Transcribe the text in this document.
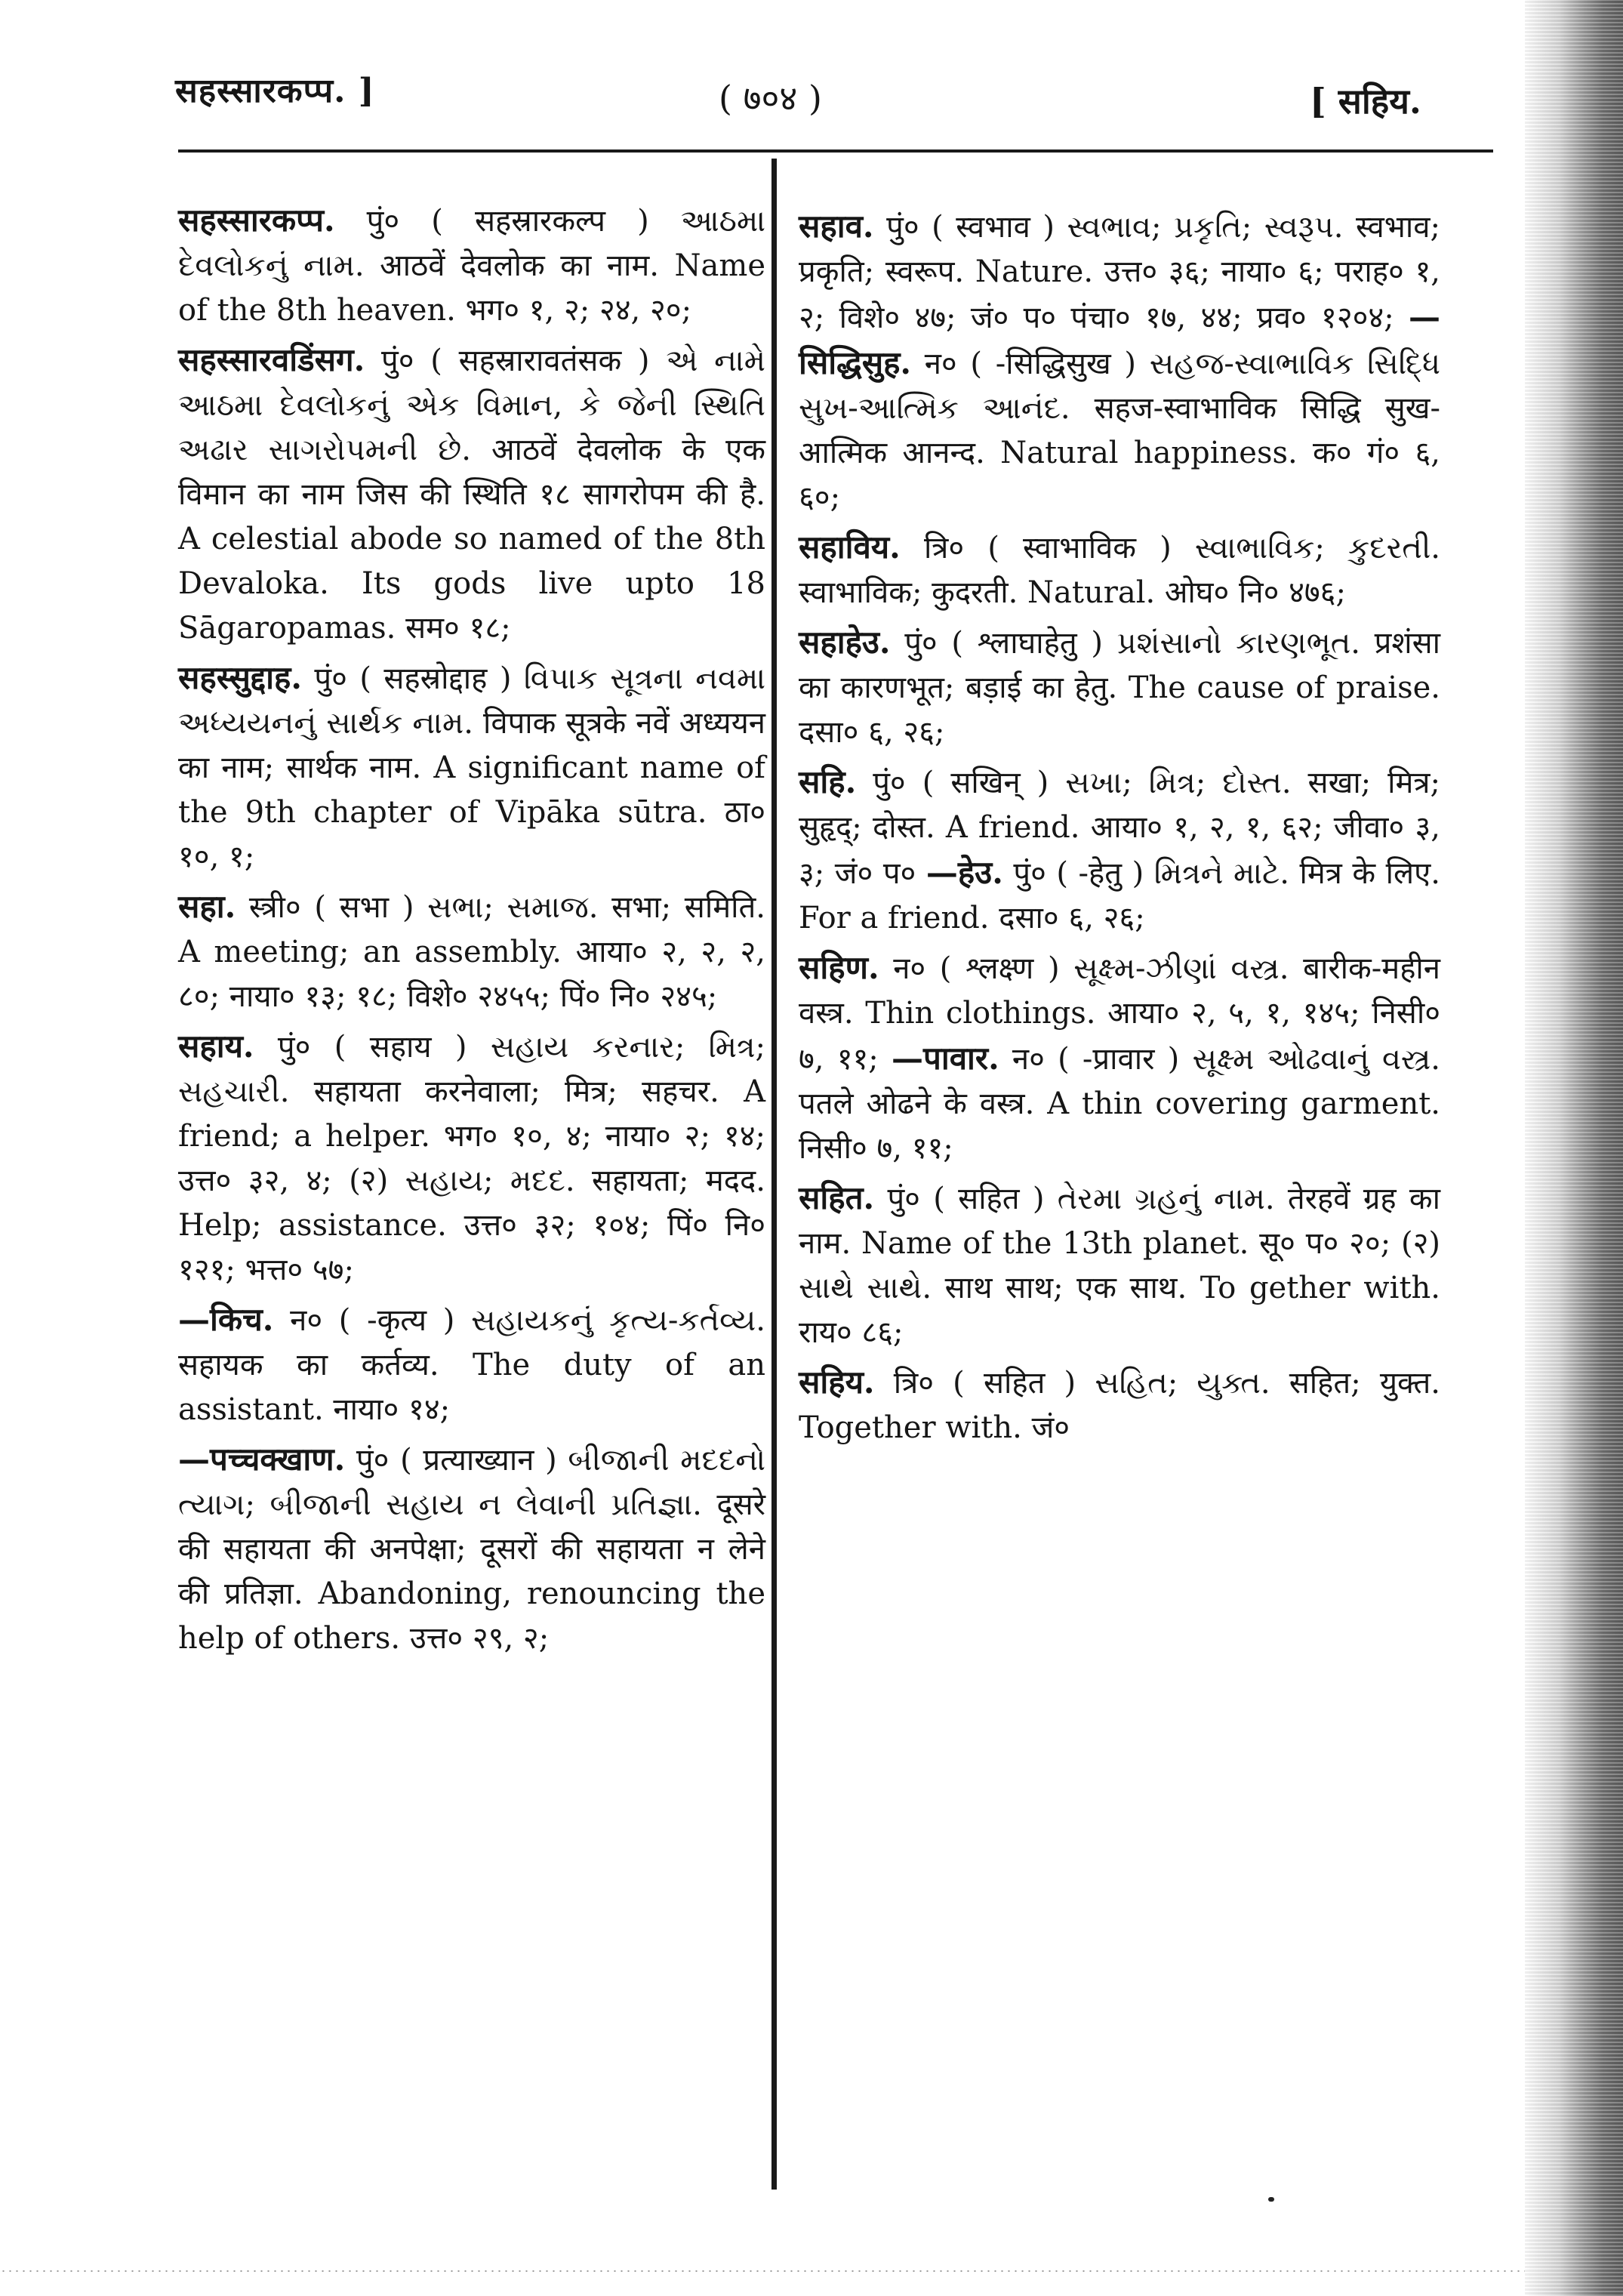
सहस्सारकप्प. ]	( ७०४ )	[ सहिय.

सहस्सारकप्प. पुं० ( सहस्रारकल्प ) આઠમા દેવલોકનું નામ. आठवें देवलोक का नाम. Name of the 8th heaven. भग० १, २; २४, २०;

सहस्सारवडिंसग. पुं० ( सहस्रारावतंसक ) એ નામે આઠમા દેવલોકનું એક વિમાન, કે જેની સ્થિતિ અઢાર સાગરોપમની છે. आठवें देवलोक के एक विमान का नाम जिस की स्थिति १८ सागरोपम की है. A celestial abode so named of the 8th Devaloka. Its gods live upto 18 Sāgaropamas. सम० १८;

सहस्सुद्दाह. पुं० ( सहस्रोद्दाह ) વિપાક સૂત્રના નવમા અધ્યયનનું સાર્થક નામ. विपाक सूत्रके नवें अध्ययन का नाम; सार्थक नाम. A significant name of the 9th chapter of Vipāka sūtra. ठा० १०, १;

सहा. स्त्री० ( सभा ) સભા; સમાજ. सभा; समिति. A meeting; an assembly. आया० २, २, २, ८०; नाया० १३; १८; विशे० २४५५; पिं० नि० २४५;

सहाय. पुं० ( सहाय ) સહાય કરનાર; મિત્ર; સહચારી. सहायता करनेवाला; मित्र; सहचर. A friend; a helper. भग० १०, ४; नाया० २; १४; उत्त० ३२, ४; (२) સહાય; મદદ. सहायता; मदद. Help; assistance. उत्त० ३२; १०४; पिं० नि० १२१; भत्त० ५७;

—किच. न० ( -कृत्य ) સહાયકનું કૃત્ય-કર્તવ્ય. सहायक का कर्तव्य. The duty of an assistant. नाया० १४;

—पच्चक्खाण. पुं० ( प्रत्याख्यान ) બીજાની મદદનો ત્યાગ; બીજાની સહાય ન લેવાની પ્રતિજ્ઞા. दूसरे की सहायता की अनपेक्षा; दूसरों की सहायता न लेने की प्रतिज्ञा. Abandoning, renouncing the help of others. उत्त० २९, २;

सहाव. पुं० ( स्वभाव ) સ્વભાવ; પ્રકૃતિ; સ્વરૂપ. स्वभाव; प्रकृति; स्वरूप. Nature. उत्त० ३६; नाया० ६; पराह० १, २; विशे० ४७; जं० प० पंचा० १७, ४४; प्रव० १२०४; —सिद्धिसुह. न० ( -सिद्धिसुख ) સહજ-સ્વાભાવિક સિદ્ધિ સુખ-આત્મિક આનંદ. सहज-स्वाभाविक सिद्धि सुख-आत्मिक आनन्द. Natural happiness. क० गं० ६, ६०;

सहाविय. त्रि० ( स्वाभाविक ) સ્વાભાવિક; કુદરતી. स्वाभाविक; कुदरती. Natural. ओघ० नि० ४७६;

सहाहेउ. पुं० ( श्लाघाहेतु ) પ્રશંસાનો કારણભૂત. प्रशंसा का कारणभूत; बड़ाई का हेतु. The cause of praise. दसा० ६, २६;

सहि. पुं० ( सखिन् ) સખા; મિત્ર; દોસ્ત. सखा; मित्र; सुहृद्; दोस्त. A friend. आया० १, २, १, ६२; जीवा० ३, ३; जं० प० —हेउ. पुं० ( -हेतु ) મિત્રને માટે. मित्र के लिए. For a friend. दसा० ६, २६;

सहिण. न० ( श्लक्ष्ण ) સૂક્ષ્મ-ઝીણાં વસ્ત્ર. बारीक-महीन वस्त्र. Thin clothings. आया० २, ५, १, १४५; निसी० ७, ११; —पावार. न० ( -प्रावार ) સૂક્ષ્મ ઓઢવાનું વસ્ત્ર. पतले ओढने के वस्त्र. A thin covering garment. निसी० ७, ११;

सहित. पुं० ( सहित ) તેરમા ગ્રહનું નામ. तेरहवें ग्रह का नाम. Name of the 13th planet. सू० प० २०; (२) સાથે સાથે. साथ साथ; एक साथ. To gether with. राय० ८६;

सहिय. त्रि० ( सहित ) સહિત; યુક્ત. सहित; युक्त. Together with. जं०
